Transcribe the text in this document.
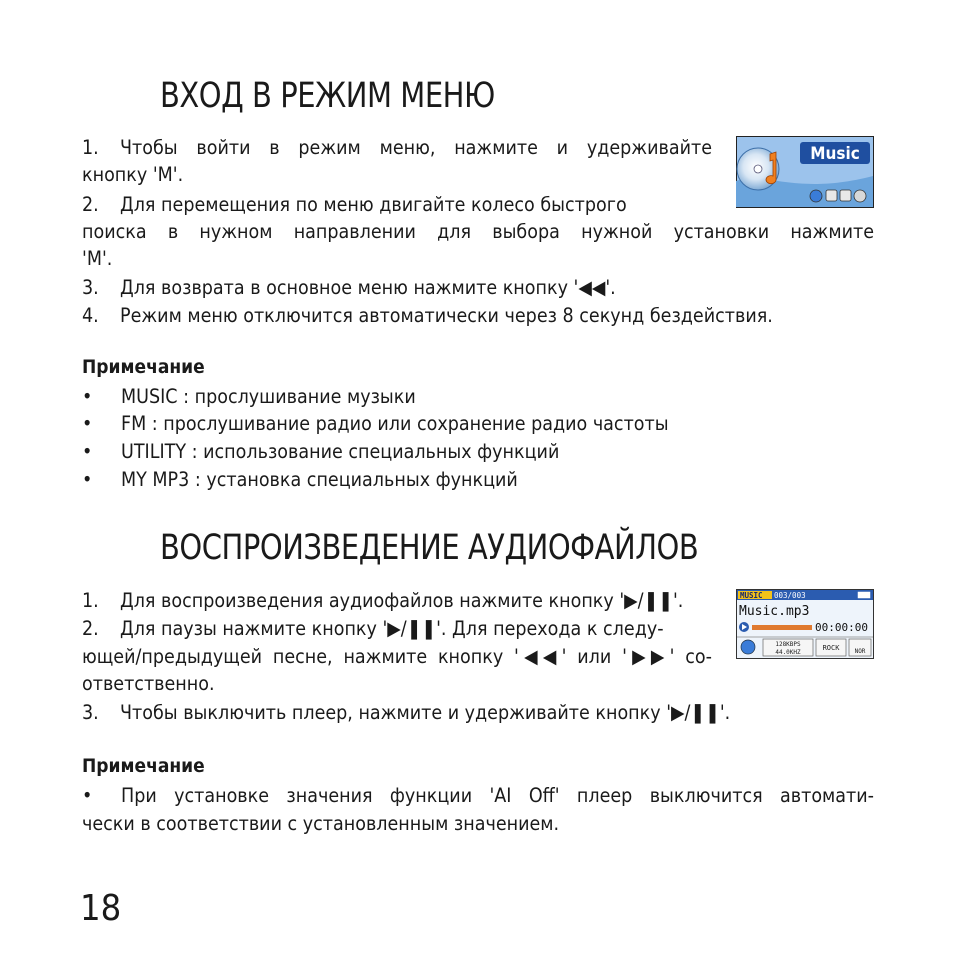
ВХОД В РЕЖИМ МЕНЮ

1. Чтобы войти в режим меню, нажмите и удерживайте

кнопку 'M'.

2. Для перемещения по меню двигайте колесо быстрого

поиска в нужном направлении для выбора нужной установки нажмите

'M'.

3. Для возврата в основное меню нажмите кнопку '◀◀'.

4. Режим меню отключится автоматически через 8 секунд бездействия.

Music

Примечание

• MUSIC : прослушивание музыки

• FM : прослушивание радио или сохранение радио частоты

• UTILITY : использование специальных функций

• MY MP3 : установка специальных функций

ВОСПРОИЗВЕДЕНИЕ АУДИОФАЙЛОВ

1. Для воспроизведения аудиофайлов нажмите кнопку '▶/❚❚'.

2. Для паузы нажмите кнопку '▶/❚❚'. Для перехода к следу-

ющей/предыдущей песне, нажмите кнопку '◀◀' или '▶▶' со-

ответственно.

3. Чтобы выключить плеер, нажмите и удерживайте кнопку '▶/❚❚'.

MUSIC 003/003
Music.mp3
00:00:00
128KBPS
44.0KHZ
ROCK	NOR

Примечание

• При установке значения функции 'AI Off' плеер выключится автомати-

чески в соответствии с установленным значением.

18
